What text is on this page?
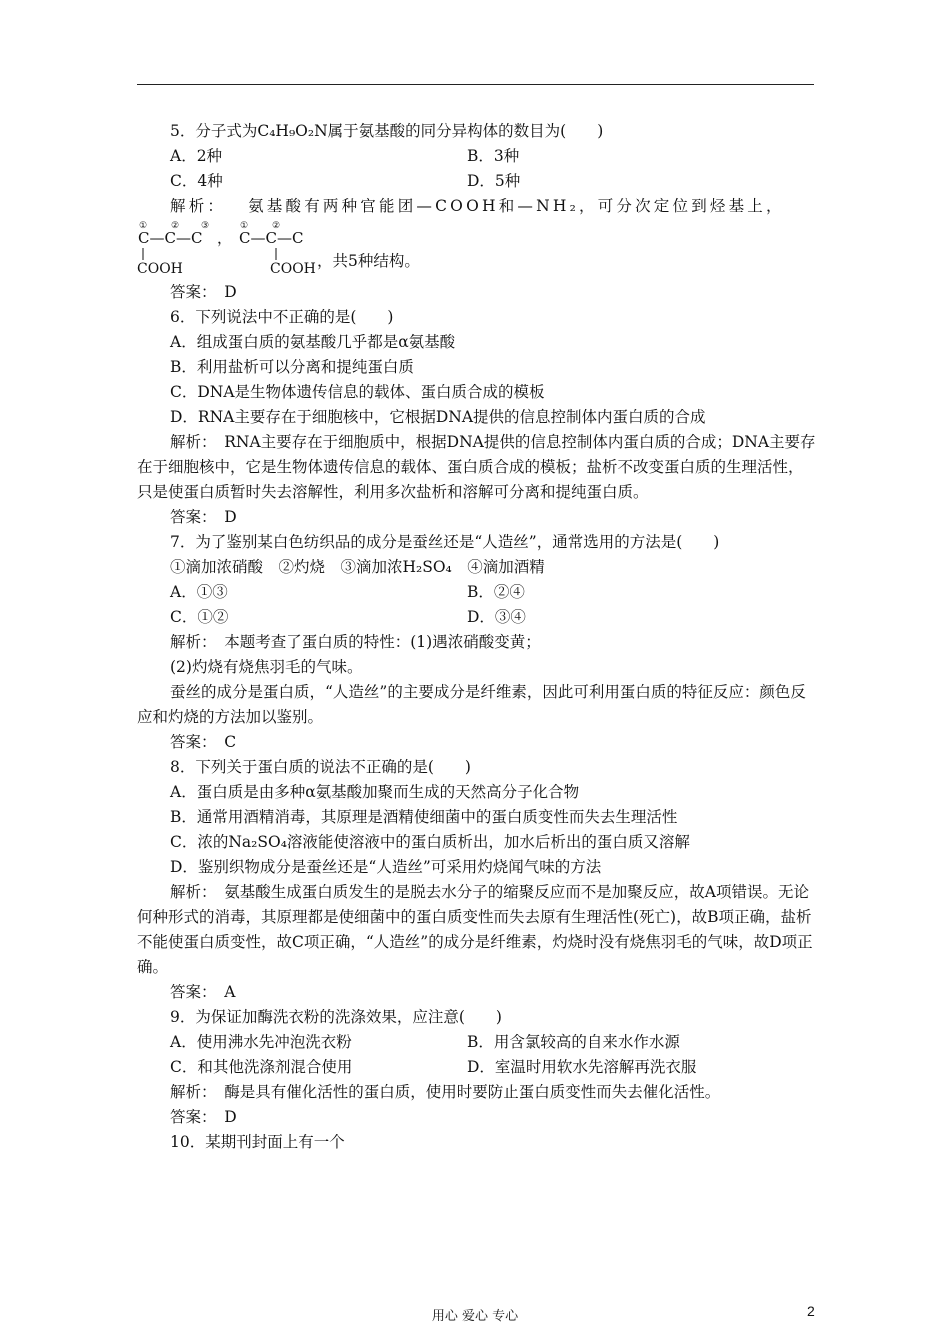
5．分子式为C₄H₉O₂N属于氨基酸的同分异构体的数目为(　　)
A．2种	B．3种
C．4种	D．5种
解析： 氨基酸有两种官能团—COOH和—NH₂，可分次定位到烃基上，
①	② ③
C—C—C ，
①	②
C—C—C
COOH	COOH ，共5种结构。
答案：　D
6．下列说法中不正确的是(　　)
A．组成蛋白质的氨基酸几乎都是α氨基酸
B．利用盐析可以分离和提纯蛋白质
C．DNA是生物体遗传信息的载体、蛋白质合成的模板
D．RNA主要存在于细胞核中，它根据DNA提供的信息控制体内蛋白质的合成
解析：　RNA主要存在于细胞质中，根据DNA提供的信息控制体内蛋白质的合成；DNA主要存在于细胞核中，它是生物体遗传信息的载体、蛋白质合成的模板；盐析不改变蛋白质的生理活性，只是使蛋白质暂时失去溶解性，利用多次盐析和溶解可分离和提纯蛋白质。
答案：　D
7．为了鉴别某白色纺织品的成分是蚕丝还是“人造丝”，通常选用的方法是(　　)
①滴加浓硝酸　②灼烧　③滴加浓H₂SO₄　④滴加酒精
A．①③	B．②④
C．①②	D．③④
解析：　本题考查了蛋白质的特性：(1)遇浓硝酸变黄；
(2)灼烧有烧焦羽毛的气味。
蚕丝的成分是蛋白质，“人造丝”的主要成分是纤维素，因此可利用蛋白质的特征反应：颜色反应和灼烧的方法加以鉴别。
答案：　C
8．下列关于蛋白质的说法不正确的是(　　)
A．蛋白质是由多种α氨基酸加聚而生成的天然高分子化合物
B．通常用酒精消毒，其原理是酒精使细菌中的蛋白质变性而失去生理活性
C．浓的Na₂SO₄溶液能使溶液中的蛋白质析出，加水后析出的蛋白质又溶解
D．鉴别织物成分是蚕丝还是“人造丝”可采用灼烧闻气味的方法
解析：　氨基酸生成蛋白质发生的是脱去水分子的缩聚反应而不是加聚反应，故A项错误。无论何种形式的消毒，其原理都是使细菌中的蛋白质变性而失去原有生理活性(死亡)，故B项正确，盐析不能使蛋白质变性，故C项正确，“人造丝”的成分是纤维素，灼烧时没有烧焦羽毛的气味，故D项正确。
答案：　A
9．为保证加酶洗衣粉的洗涤效果，应注意(　　)
A．使用沸水先冲泡洗衣粉	B．用含氯较高的自来水作水源
C．和其他洗涤剂混合使用	D．室温时用软水先溶解再洗衣服
解析：　酶是具有催化活性的蛋白质，使用时要防止蛋白质变性而失去催化活性。
答案：　D
10．某期刊封面上有一个
用心 爱心 专心	2
